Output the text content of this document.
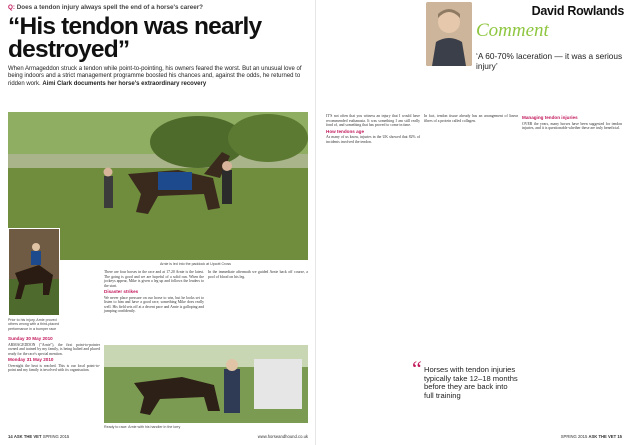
Q: Does a tendon injury always spell the end of a horse's career?
“His tendon was nearly destroyed”
When Armageddon struck a tendon while point-to-pointing, his owners feared the worst. But an unusual love of being indoors and a strict management programme boosted his chances and, against the odds, he returned to ridden work. Aimi Clark documents her horse's extraordinary recovery
Prior to his injury, Arnie proved others wrong with a third-placed performance in a bumper race
Arnie is led into the paddock at Upcott Cross
Sunday 30 May 2010

ARMAGEDDON ("Arnie"), the first point-to-pointer owned and trained by my family, is being halted and placed ready for the race's special mention.

Monday 31 May 2010

Overnight the heat is reached. This is our local point-to-point and my family is involved with its organisation.

There are four horses in the race and at 17.20 Arnie is the latest. The going is good and we are hopeful of a solid run. When the jockeys appear, Mike is given a leg up and follows the leaders to the start.

Disaster strikes

We never place pressure on our horse to win, but he looks set to listen to him and have a good race, something Mike does really well. His field sets off at a decent pace and Arnie is galloping and jumping confidently.

In the immediate aftermath we guided Arnie back off course, a pool of blood on his leg.

Ready to race: Arnie with his handler in the lorry
14 ASK THE VET SPRING 2015	www.horseandhound.co.uk
David Rowlands
Comment
‘A 60-70% laceration — it was a serious injury’

IT'S not often that you witness an injury that I would have recommended euthanasia. It was something I am still really fond of, and something that has proved to come in time.

How tendons age

As many of us know, injuries in the UK showed that 82% of incidents involved the tendon.

In fact, tendon tissue already has an arrangement of linear fibres of a protein called collagen.

Managing tendon injuries

OVER the years, many horses have been suggested for tendon injuries, and it is questionable whether these are truly beneficial.

“ Horses with tendon injuries typically take 12–18 months before they are back into full training
SPRING 2015 ASK THE VET 15
